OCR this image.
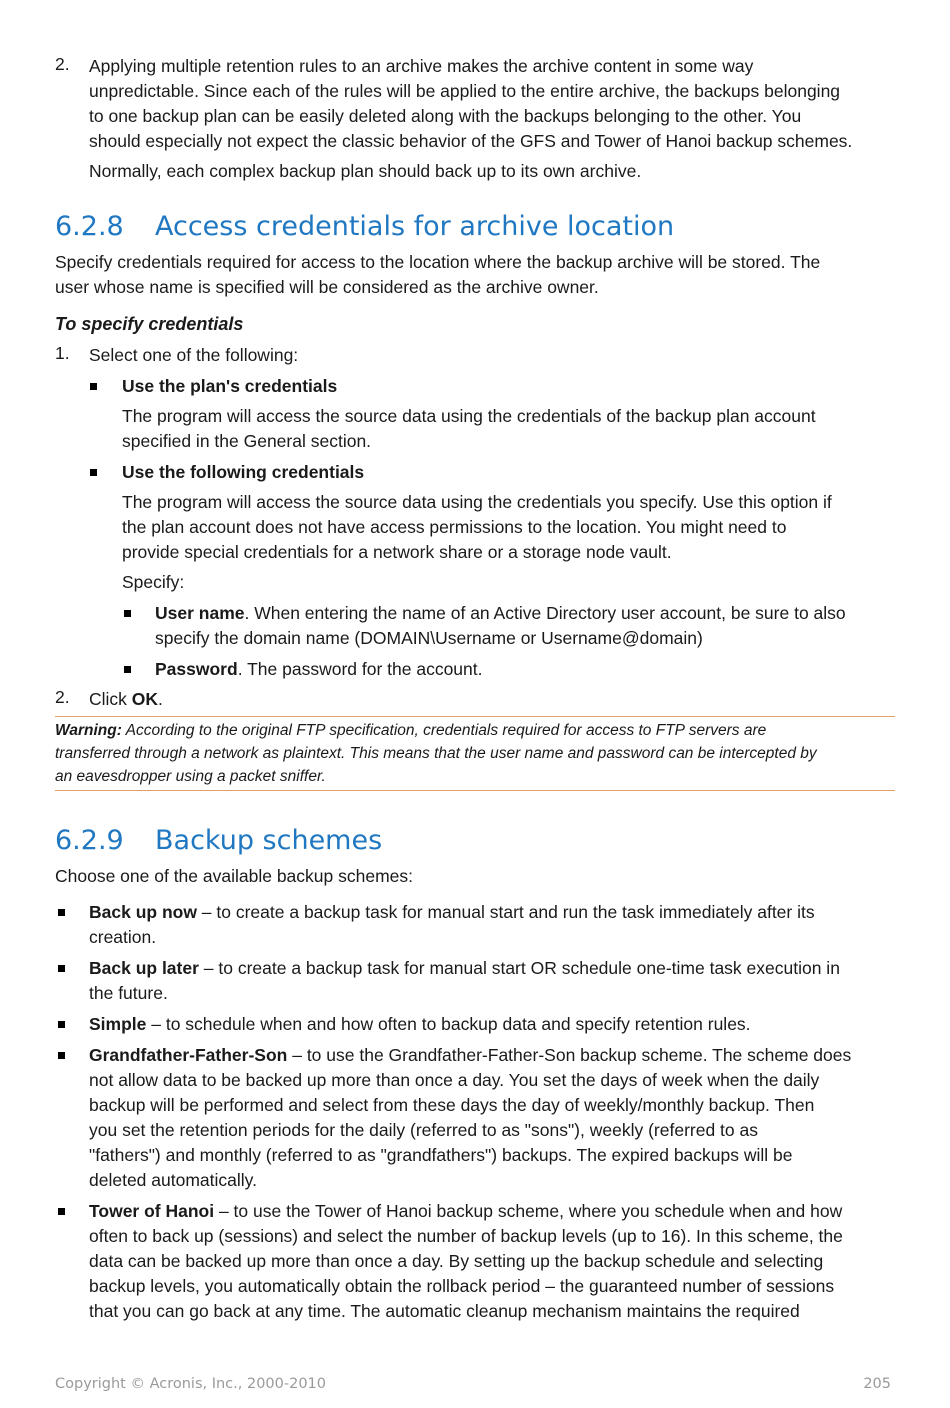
2. Applying multiple retention rules to an archive makes the archive content in some way

unpredictable. Since each of the rules will be applied to the entire archive, the backups belonging

to one backup plan can be easily deleted along with the backups belonging to the other. You

should especially not expect the classic behavior of the GFS and Tower of Hanoi backup schemes.

Normally, each complex backup plan should back up to its own archive.

6.2.8 Access credentials for archive location

Specify credentials required for access to the location where the backup archive will be stored. The

user whose name is specified will be considered as the archive owner.

To specify credentials

1. Select one of the following:

Use the plan's credentials

The program will access the source data using the credentials of the backup plan account

specified in the General section.

Use the following credentials

The program will access the source data using the credentials you specify. Use this option if

the plan account does not have access permissions to the location. You might need to

provide special credentials for a network share or a storage node vault.

Specify:

User name. When entering the name of an Active Directory user account, be sure to also

specify the domain name (DOMAIN\Username or Username@domain)

Password. The password for the account.

2. Click OK.

Warning: According to the original FTP specification, credentials required for access to FTP servers are
transferred through a network as plaintext. This means that the user name and password can be intercepted by
an eavesdropper using a packet sniffer.
6.2.9 Backup schemes

Choose one of the available backup schemes:

Back up now – to create a backup task for manual start and run the task immediately after its

creation.

Back up later – to create a backup task for manual start OR schedule one-time task execution in

the future.

Simple – to schedule when and how often to backup data and specify retention rules.

Grandfather-Father-Son – to use the Grandfather-Father-Son backup scheme. The scheme does

not allow data to be backed up more than once a day. You set the days of week when the daily

backup will be performed and select from these days the day of weekly/monthly backup. Then

you set the retention periods for the daily (referred to as "sons"), weekly (referred to as

"fathers") and monthly (referred to as "grandfathers") backups. The expired backups will be

deleted automatically.

Tower of Hanoi – to use the Tower of Hanoi backup scheme, where you schedule when and how

often to back up (sessions) and select the number of backup levels (up to 16). In this scheme, the

data can be backed up more than once a day. By setting up the backup schedule and selecting

backup levels, you automatically obtain the rollback period – the guaranteed number of sessions

that you can go back at any time. The automatic cleanup mechanism maintains the required

Copyright © Acronis, Inc., 2000-2010	205
